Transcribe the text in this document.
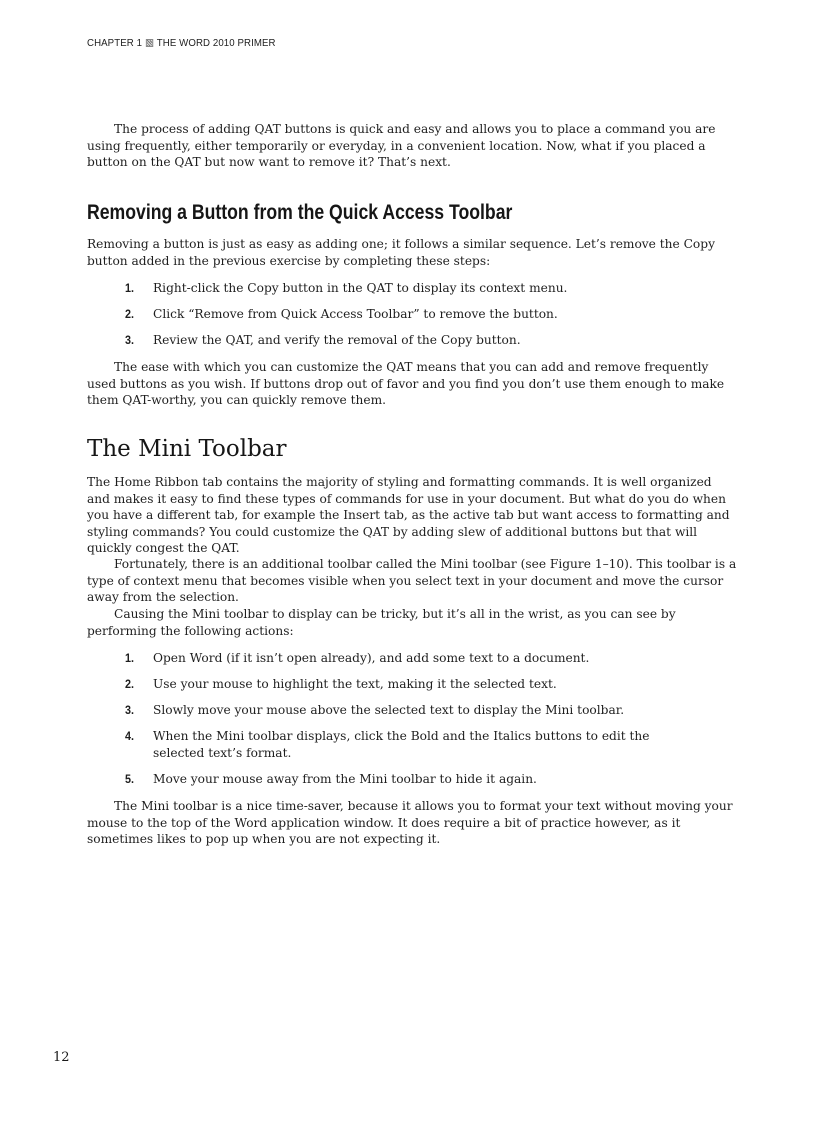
CHAPTER 1 THE WORD 2010 PRIMER

The process of adding QAT buttons is quick and easy and allows you to place a command you are using frequently, either temporarily or everyday, in a convenient location. Now, what if you placed a button on the QAT but now want to remove it? That’s next.

Removing a Button from the Quick Access Toolbar

Removing a button is just as easy as adding one; it follows a similar sequence. Let’s remove the Copy button added in the previous exercise by completing these steps:

1. Right-click the Copy button in the QAT to display its context menu.
2. Click “Remove from Quick Access Toolbar” to remove the button.
3. Review the QAT, and verify the removal of the Copy button.

The ease with which you can customize the QAT means that you can add and remove frequently used buttons as you wish. If buttons drop out of favor and you find you don’t use them enough to make them QAT-worthy, you can quickly remove them.

The Mini Toolbar

The Home Ribbon tab contains the majority of styling and formatting commands. It is well organized and makes it easy to find these types of commands for use in your document. But what do you do when you have a different tab, for example the Insert tab, as the active tab but want access to formatting and styling commands? You could customize the QAT by adding slew of additional buttons but that will quickly congest the QAT.

Fortunately, there is an additional toolbar called the Mini toolbar (see Figure 1–10). This toolbar is a type of context menu that becomes visible when you select text in your document and move the cursor away from the selection.

Causing the Mini toolbar to display can be tricky, but it’s all in the wrist, as you can see by performing the following actions:

1. Open Word (if it isn’t open already), and add some text to a document.
2. Use your mouse to highlight the text, making it the selected text.
3. Slowly move your mouse above the selected text to display the Mini toolbar.
4. When the Mini toolbar displays, click the Bold and the Italics buttons to edit the selected text’s format.
5. Move your mouse away from the Mini toolbar to hide it again.

The Mini toolbar is a nice time-saver, because it allows you to format your text without moving your mouse to the top of the Word application window. It does require a bit of practice however, as it sometimes likes to pop up when you are not expecting it.

12
